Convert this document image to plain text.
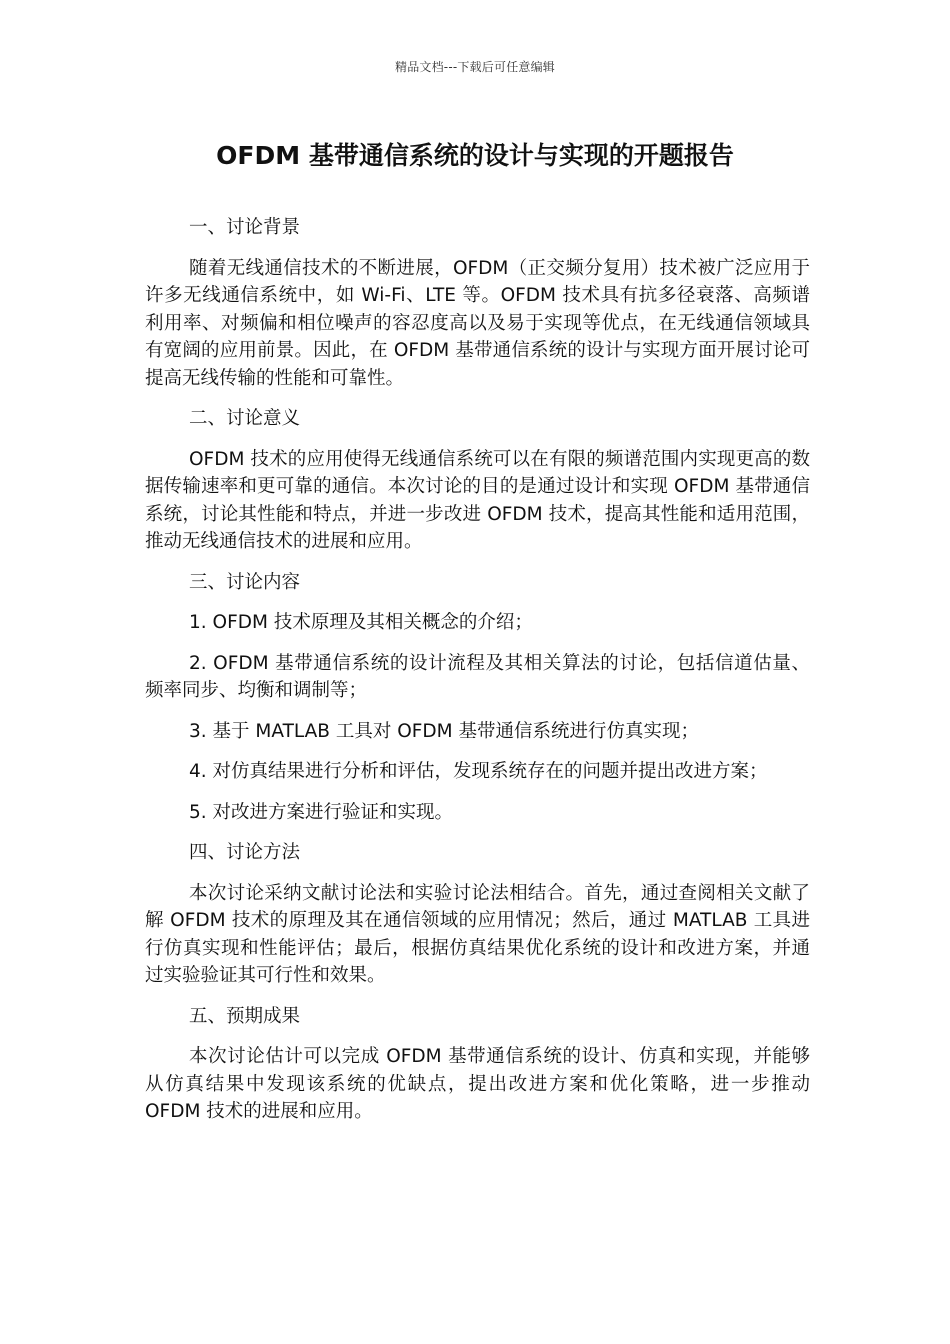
精品文档---下载后可任意编辑
OFDM 基带通信系统的设计与实现的开题报告

一、讨论背景

随着无线通信技术的不断进展，OFDM（正交频分复用）技术被广泛应用于许多无线通信系统中，如 Wi-Fi、LTE 等。OFDM 技术具有抗多径衰落、高频谱利用率、对频偏和相位噪声的容忍度高以及易于实现等优点，在无线通信领域具有宽阔的应用前景。因此，在 OFDM 基带通信系统的设计与实现方面开展讨论可提高无线传输的性能和可靠性。

二、讨论意义

OFDM 技术的应用使得无线通信系统可以在有限的频谱范围内实现更高的数据传输速率和更可靠的通信。本次讨论的目的是通过设计和实现 OFDM 基带通信系统，讨论其性能和特点，并进一步改进 OFDM 技术，提高其性能和适用范围，推动无线通信技术的进展和应用。

三、讨论内容

1. OFDM 技术原理及其相关概念的介绍；

2. OFDM 基带通信系统的设计流程及其相关算法的讨论，包括信道估量、频率同步、均衡和调制等；

3. 基于 MATLAB 工具对 OFDM 基带通信系统进行仿真实现；

4. 对仿真结果进行分析和评估，发现系统存在的问题并提出改进方案；

5. 对改进方案进行验证和实现。

四、讨论方法

本次讨论采纳文献讨论法和实验讨论法相结合。首先，通过查阅相关文献了解 OFDM 技术的原理及其在通信领域的应用情况；然后，通过 MATLAB 工具进行仿真实现和性能评估；最后，根据仿真结果优化系统的设计和改进方案，并通过实验验证其可行性和效果。

五、预期成果

本次讨论估计可以完成 OFDM 基带通信系统的设计、仿真和实现，并能够从仿真结果中发现该系统的优缺点，提出改进方案和优化策略，进一步推动 OFDM 技术的进展和应用。
